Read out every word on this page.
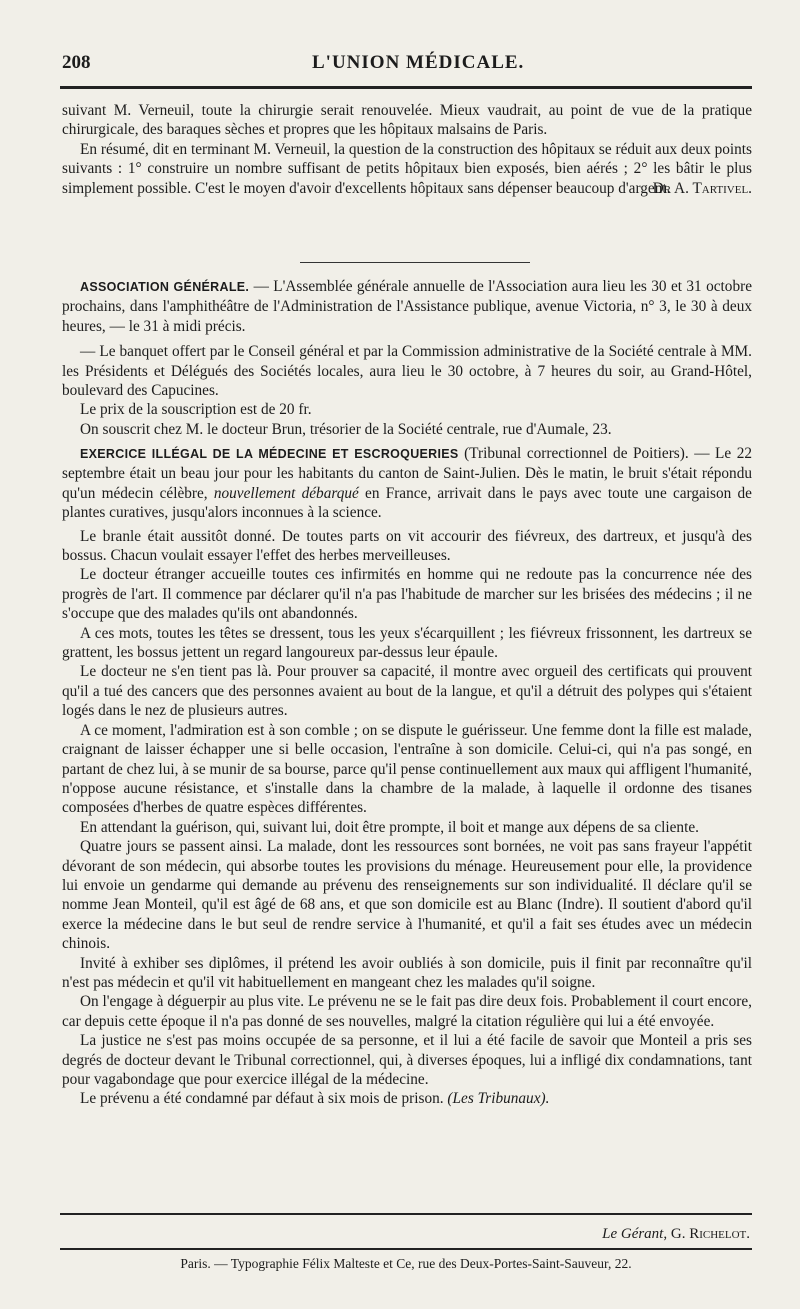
208	L'UNION MÉDICALE.

suivant M. Verneuil, toute la chirurgie serait renouvelée. Mieux vaudrait, au point de vue de la pratique chirurgicale, des baraques sèches et propres que les hôpitaux malsains de Paris.

En résumé, dit en terminant M. Verneuil, la question de la construction des hôpitaux se réduit aux deux points suivants : 1° construire un nombre suffisant de petits hôpitaux bien exposés, bien aérés ; 2° les bâtir le plus simplement possible. C'est le moyen d'avoir d'excellents hôpitaux sans dépenser beaucoup d'argent.

Dr A. Tartivel.

ASSOCIATION GÉNÉRALE. — L'Assemblée générale annuelle de l'Association aura lieu les 30 et 31 octobre prochains, dans l'amphithéâtre de l'Administration de l'Assistance publique, avenue Victoria, n° 3, le 30 à deux heures, — le 31 à midi précis.

— Le banquet offert par le Conseil général et par la Commission administrative de la Société centrale à MM. les Présidents et Délégués des Sociétés locales, aura lieu le 30 octobre, à 7 heures du soir, au Grand-Hôtel, boulevard des Capucines.

Le prix de la souscription est de 20 fr.

On souscrit chez M. le docteur Brun, trésorier de la Société centrale, rue d'Aumale, 23.

EXERCICE ILLÉGAL DE LA MÉDECINE ET ESCROQUERIES (Tribunal correctionnel de Poitiers). — Le 22 septembre était un beau jour pour les habitants du canton de Saint-Julien. Dès le matin, le bruit s'était répondu qu'un médecin célèbre, nouvellement débarqué en France, arrivait dans le pays avec toute une cargaison de plantes curatives, jusqu'alors inconnues à la science.

Le branle était aussitôt donné. De toutes parts on vit accourir des fiévreux, des dartreux, et jusqu'à des bossus. Chacun voulait essayer l'effet des herbes merveilleuses.

Le docteur étranger accueille toutes ces infirmités en homme qui ne redoute pas la concurrence née des progrès de l'art. Il commence par déclarer qu'il n'a pas l'habitude de marcher sur les brisées des médecins ; il ne s'occupe que des malades qu'ils ont abandonnés.

A ces mots, toutes les têtes se dressent, tous les yeux s'écarquillent ; les fiévreux frissonnent, les dartreux se grattent, les bossus jettent un regard langoureux par-dessus leur épaule.

Le docteur ne s'en tient pas là. Pour prouver sa capacité, il montre avec orgueil des certificats qui prouvent qu'il a tué des cancers que des personnes avaient au bout de la langue, et qu'il a détruit des polypes qui s'étaient logés dans le nez de plusieurs autres.

A ce moment, l'admiration est à son comble ; on se dispute le guérisseur. Une femme dont la fille est malade, craignant de laisser échapper une si belle occasion, l'entraîne à son domicile. Celui-ci, qui n'a pas songé, en partant de chez lui, à se munir de sa bourse, parce qu'il pense continuellement aux maux qui affligent l'humanité, n'oppose aucune résistance, et s'installe dans la chambre de la malade, à laquelle il ordonne des tisanes composées d'herbes de quatre espèces différentes.

En attendant la guérison, qui, suivant lui, doit être prompte, il boit et mange aux dépens de sa cliente.

Quatre jours se passent ainsi. La malade, dont les ressources sont bornées, ne voit pas sans frayeur l'appétit dévorant de son médecin, qui absorbe toutes les provisions du ménage. Heureusement pour elle, la providence lui envoie un gendarme qui demande au prévenu des renseignements sur son individualité. Il déclare qu'il se nomme Jean Monteil, qu'il est âgé de 68 ans, et que son domicile est au Blanc (Indre). Il soutient d'abord qu'il exerce la médecine dans le but seul de rendre service à l'humanité, et qu'il a fait ses études avec un médecin chinois.

Invité à exhiber ses diplômes, il prétend les avoir oubliés à son domicile, puis il finit par reconnaître qu'il n'est pas médecin et qu'il vit habituellement en mangeant chez les malades qu'il soigne.

On l'engage à déguerpir au plus vite. Le prévenu ne se le fait pas dire deux fois. Probablement il court encore, car depuis cette époque il n'a pas donné de ses nouvelles, malgré la citation régulière qui lui a été envoyée.

La justice ne s'est pas moins occupée de sa personne, et il lui a été facile de savoir que Monteil a pris ses degrés de docteur devant le Tribunal correctionnel, qui, à diverses époques, lui a infligé dix condamnations, tant pour vagabondage que pour exercice illégal de la médecine.

Le prévenu a été condamné par défaut à six mois de prison. (Les Tribunaux).

Le Gérant, G. Richelot.
Paris. — Typographie Félix Malteste et Ce, rue des Deux-Portes-Saint-Sauveur, 22.
